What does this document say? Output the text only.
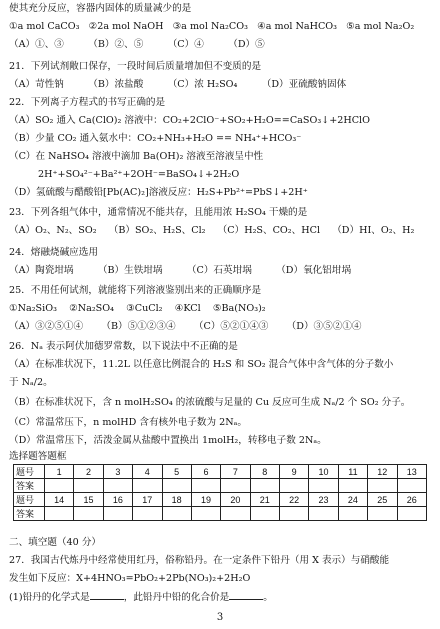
使其充分反应，容器内固体的质量减少的是
①a mol CaCO₃   ②2a mol NaOH   ③a mol Na₂CO₃   ④a mol NaHCO₃   ⑤a mol Na₂O₂
（A）①、③        （B）②、⑤        （C）④        （D）⑤
21．下列试剂敞口保存，一段时间后质量增加但不变质的是
（A）苛性钠        （B）浓盐酸        （C）浓 H₂SO₄        （D）亚硫酸钠固体
22．下列离子方程式的书写正确的是
（A）SO₂ 通入 Ca(ClO)₂ 溶液中：CO₂+2ClO⁻+SO₂+H₂O==CaSO₃↓+2HClO
（B）少量 CO₂ 通入氨水中：CO₂+NH₃+H₂O == NH₄⁺+HCO₃⁻
（C）在 NaHSO₄ 溶液中滴加 Ba(OH)₂ 溶液至溶液呈中性
2H⁺+SO₄²⁻+Ba²⁺+2OH⁻=BaSO₄↓+2H₂O
（D）氢硫酸与醋酸铅[Pb(AC)₂]溶液反应：H₂S+Pb²⁺=PbS↓+2H⁺
23．下列各组气体中，通常情况不能共存，且能用浓 H₂SO₄ 干燥的是
（A）O₂、N₂、SO₂    （B）SO₂、H₂S、Cl₂    （C）H₂S、CO₂、HCl    （D）HI、O₂、H₂
24．熔融烧碱应选用
（A）陶瓷坩埚        （B）生铁坩埚        （C）石英坩埚        （D）氧化铝坩埚
25．不用任何试剂，就能将下列溶液鉴别出来的正确顺序是
①Na₂SiO₃    ②Na₂SO₄    ③CuCl₂    ④KCl    ⑤Ba(NO₃)₂
（A）③②⑤①④      （B）⑤①②③④      （C）⑤②①④③      （D）③⑤②①④
26．Nₐ 表示阿伏加德罗常数，以下说法中不正确的是
（A）在标准状况下，11.2L 以任意比例混合的 H₂S 和 SO₂ 混合气体中含气体的分子数小
于 Nₐ/2。
（B）在标准状况下，含 n molH₂SO₄ 的浓硫酸与足量的 Cu 反应可生成 Nₐ/2 个 SO₂ 分子。
（C）常温常压下，n molHD 含有核外电子数为 2Nₐ。
（D）常温常压下，活泼金属从盐酸中置换出 1molH₂，转移电子数 2Nₐ。
选择题答题框
题号	1	2	3	4	5	6	7	8	9	10	11	12	13
答案													
题号	14	15	16	17	18	19	20	21	22	23	24	25	26
答案													
二、填空题（40 分）
27．我国古代炼丹中经常使用红丹，俗称铅丹。在一定条件下铅丹（用 X 表示）与硝酸能
发生如下反应：X+4HNO₃=PbO₂+2Pb(NO₃)₂+2H₂O
(1)铅丹的化学式是	，此铅丹中铅的化合价是	。
3
